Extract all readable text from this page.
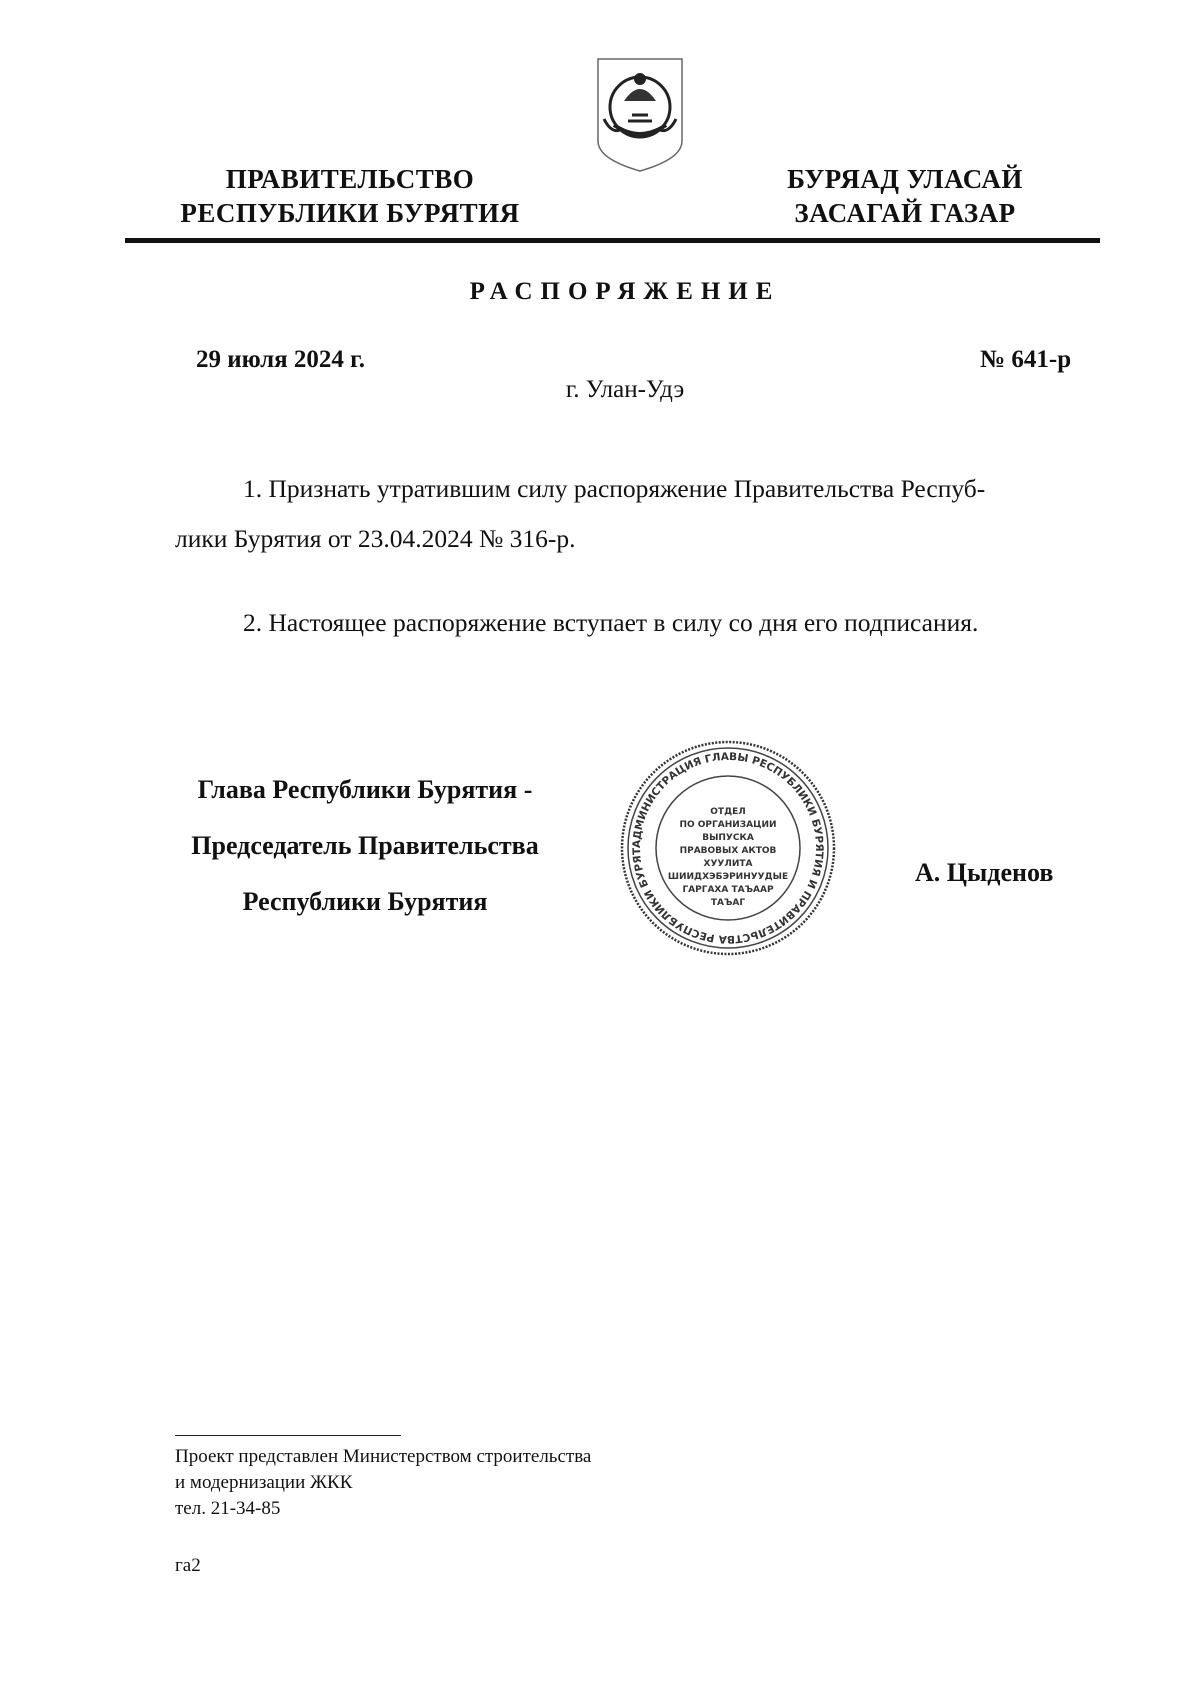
ПРАВИТЕЛЬСТВО
РЕСПУБЛИКИ БУРЯТИЯ
БУРЯАД УЛАСАЙ
ЗАСАГАЙ ГАЗАР
РАСПОРЯЖЕНИЕ
29 июля 2024 г.	№ 641-р
г. Улан-Удэ
1. Признать утратившим силу распоряжение Правительства Респуб-
лики Бурятия от 23.04.2024 № 316-р.
2. Настоящее распоряжение вступает в силу со дня его подписания.
Глава Республики Бурятия -
Председатель Правительства
Республики Бурятия
А. Цыденов
АДМИНИСТРАЦИЯ ГЛАВЫ РЕСПУБЛИКИ БУРЯТИЯ И ПРАВИТЕЛЬСТВА РЕСПУБЛИКИ БУРЯТ
ОТДЕЛ
ПО ОРГАНИЗАЦИИ
ВЫПУСКА
ПРАВОВЫХ АКТОВ
ХУУЛИТА
ШИИДХЭБЭРИНУУДЫЕ
ГАРГАХА ТАЪААР
ТАЪАГ
Проект представлен Министерством строительства
и модернизации ЖКК
тел. 21-34-85
га2
